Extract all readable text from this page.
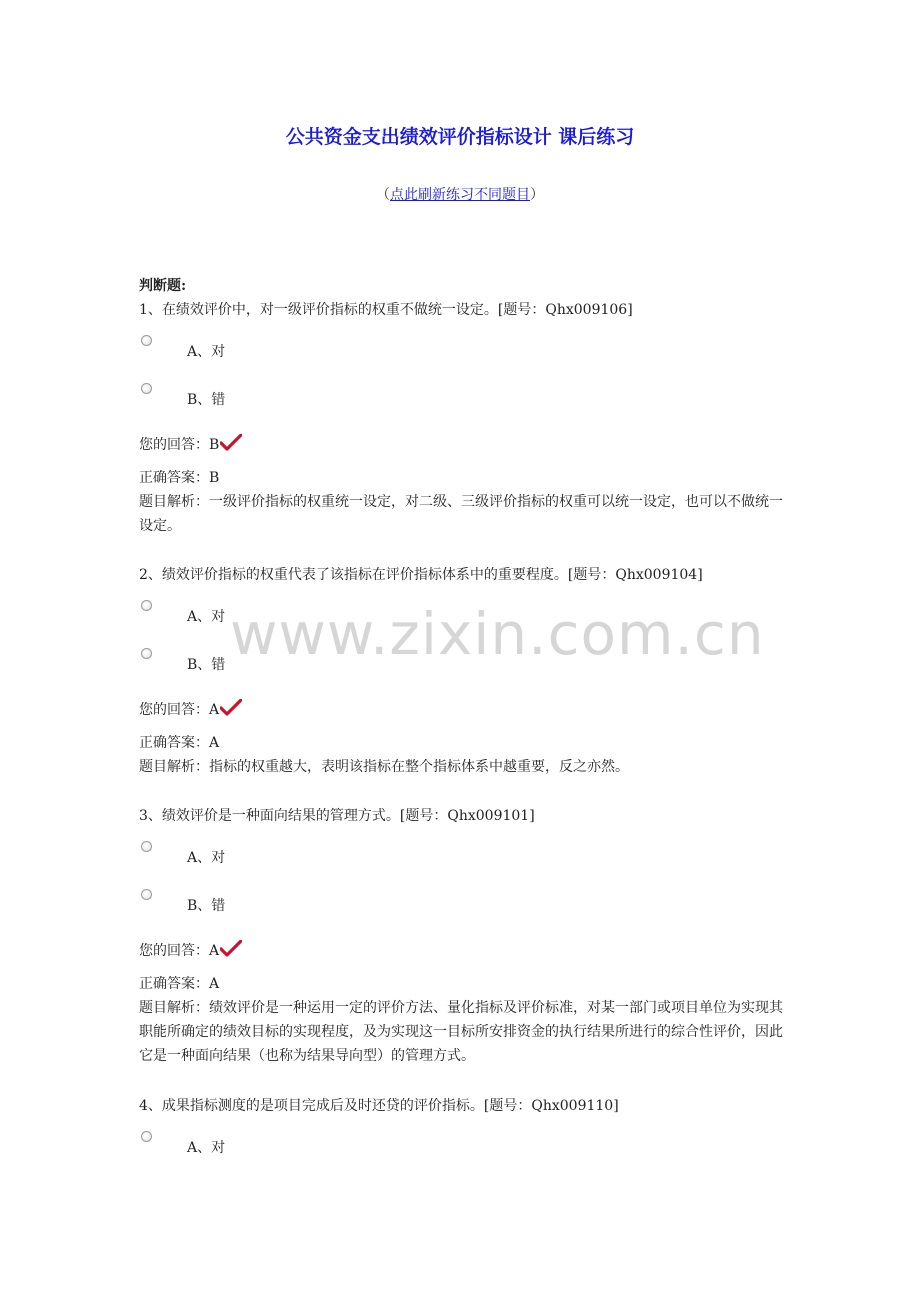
公共资金支出绩效评价指标设计 课后练习
（点此刷新练习不同题目）
判断题:
www.zixin.com.cn
1、在绩效评价中，对一级评价指标的权重不做统一设定。[题号：Qhx009106]
A、对
B、错
您的回答：B
正确答案：B
题目解析：一级评价指标的权重统一设定，对二级、三级评价指标的权重可以统一设定，也可以不做统一设定。
2、绩效评价指标的权重代表了该指标在评价指标体系中的重要程度。[题号：Qhx009104]
A、对
B、错
您的回答：A
正确答案：A
题目解析：指标的权重越大，表明该指标在整个指标体系中越重要，反之亦然。
3、绩效评价是一种面向结果的管理方式。[题号：Qhx009101]
A、对
B、错
您的回答：A
正确答案：A
题目解析：绩效评价是一种运用一定的评价方法、量化指标及评价标准，对某一部门或项目单位为实现其职能所确定的绩效目标的实现程度，及为实现这一目标所安排资金的执行结果所进行的综合性评价，因此它是一种面向结果（也称为结果导向型）的管理方式。
4、成果指标测度的是项目完成后及时还贷的评价指标。[题号：Qhx009110]
A、对
